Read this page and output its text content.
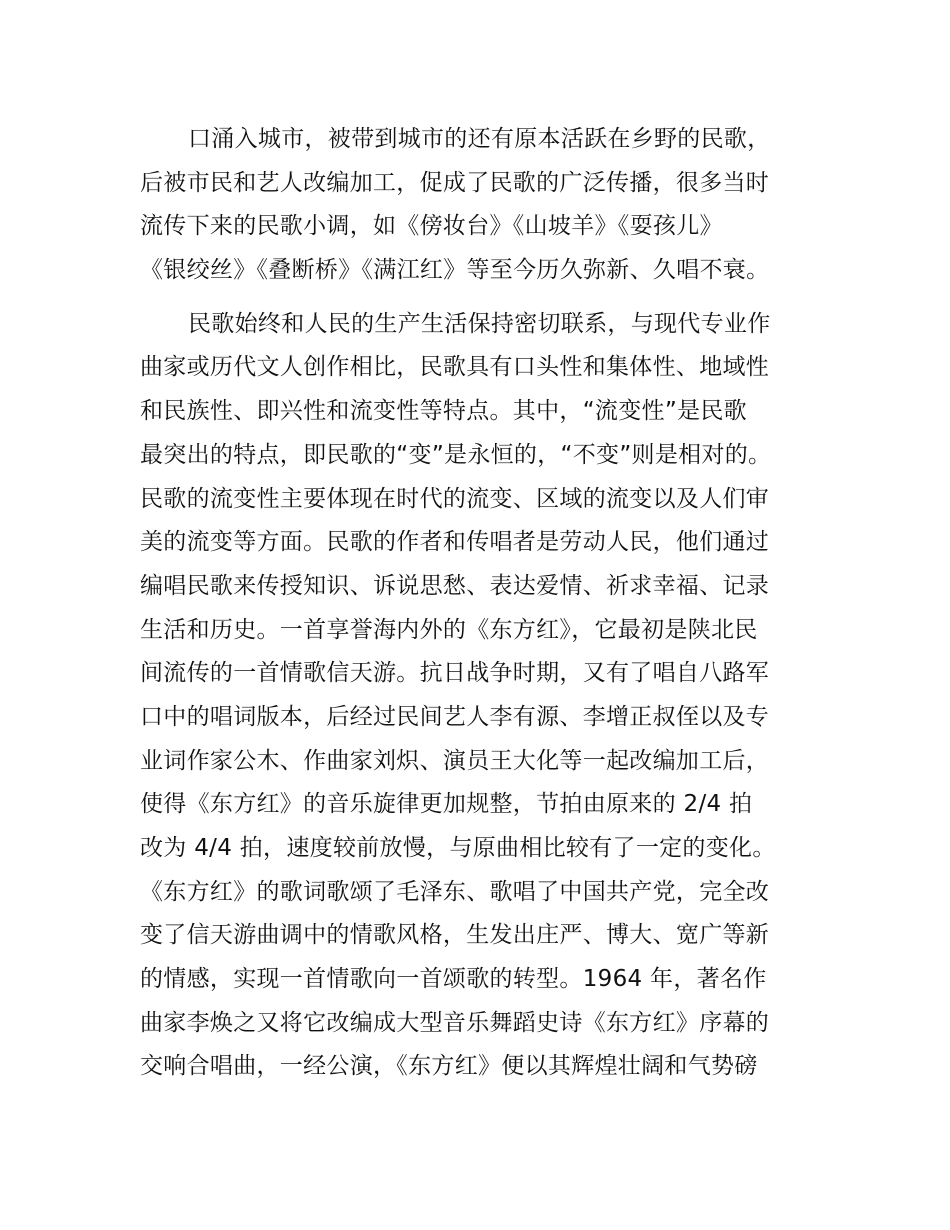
口涌入城市，被带到城市的还有原本活跃在乡野的民歌，
后被市民和艺人改编加工，促成了民歌的广泛传播，很多当时
流传下来的民歌小调，如《傍妆台》《山坡羊》《耍孩儿》
《银绞丝》《叠断桥》《满江红》等至今历久弥新、久唱不衰。
民歌始终和人民的生产生活保持密切联系，与现代专业作
曲家或历代文人创作相比，民歌具有口头性和集体性、地域性
和民族性、即兴性和流变性等特点。其中，“流变性”是民歌
最突出的特点，即民歌的“变”是永恒的，“不变”则是相对的。
民歌的流变性主要体现在时代的流变、区域的流变以及人们审
美的流变等方面。民歌的作者和传唱者是劳动人民，他们通过
编唱民歌来传授知识、诉说思愁、表达爱情、祈求幸福、记录
生活和历史。一首享誉海内外的《东方红》，它最初是陕北民
间流传的一首情歌信天游。抗日战争时期，又有了唱自八路军
口中的唱词版本，后经过民间艺人李有源、李增正叔侄以及专
业词作家公木、作曲家刘炽、演员王大化等一起改编加工后，
使得《东方红》的音乐旋律更加规整，节拍由原来的 2/4 拍
改为 4/4 拍，速度较前放慢，与原曲相比较有了一定的变化。
《东方红》的歌词歌颂了毛泽东、歌唱了中国共产党，完全改
变了信天游曲调中的情歌风格，生发出庄严、博大、宽广等新
的情感，实现一首情歌向一首颂歌的转型。1964 年，著名作
曲家李焕之又将它改编成大型音乐舞蹈史诗《东方红》序幕的
交响合唱曲，一经公演，《东方红》便以其辉煌壮阔和气势磅
